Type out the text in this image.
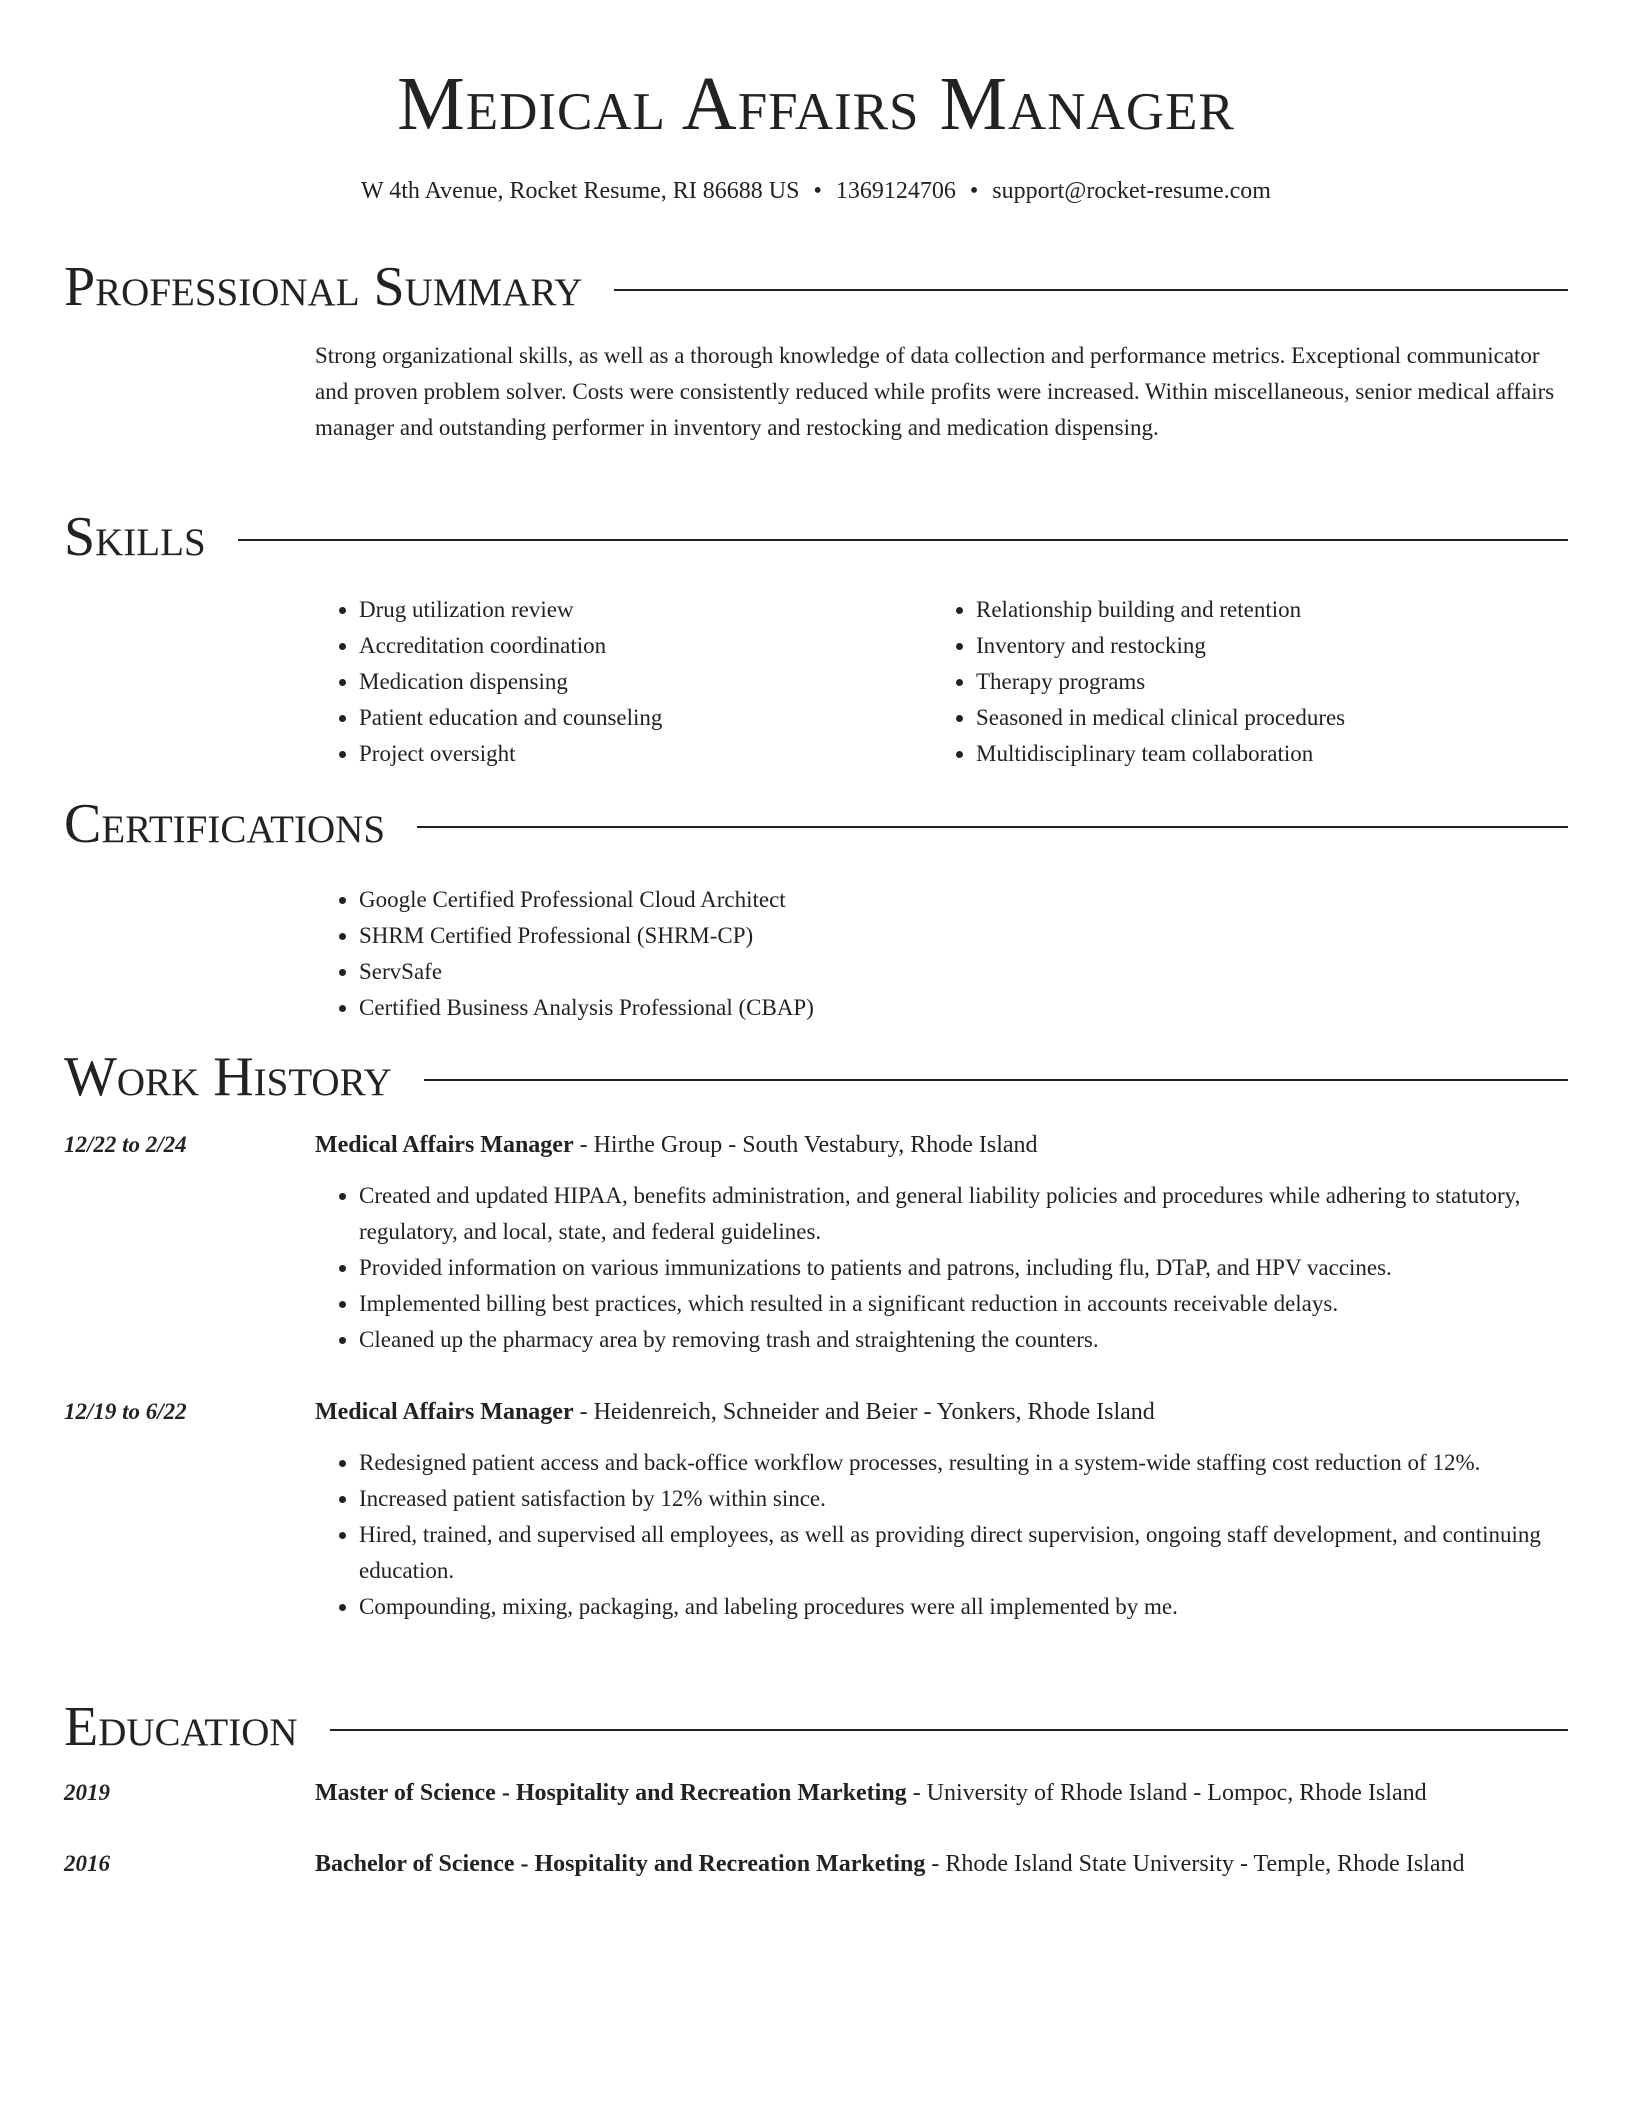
Medical Affairs Manager
W 4th Avenue, Rocket Resume, RI 86688 US • 1369124706 • support@rocket-resume.com
Professional Summary

Strong organizational skills, as well as a thorough knowledge of data collection and performance metrics. Exceptional communicator and proven problem solver. Costs were consistently reduced while profits were increased. Within miscellaneous, senior medical affairs manager and outstanding performer in inventory and restocking and medication dispensing.

Skills
• Drug utilization review
• Accreditation coordination
• Medication dispensing
• Patient education and counseling
• Project oversight
• Relationship building and retention
• Inventory and restocking
• Therapy programs
• Seasoned in medical clinical procedures
• Multidisciplinary team collaboration
Certifications
• Google Certified Professional Cloud Architect
• SHRM Certified Professional (SHRM-CP)
• ServSafe
• Certified Business Analysis Professional (CBAP)
Work History
12/22 to 2/24	Medical Affairs Manager - Hirthe Group - South Vestabury, Rhode Island
• Created and updated HIPAA, benefits administration, and general liability policies and procedures while adhering to statutory, regulatory, and local, state, and federal guidelines.
• Provided information on various immunizations to patients and patrons, including flu, DTaP, and HPV vaccines.
• Implemented billing best practices, which resulted in a significant reduction in accounts receivable delays.
• Cleaned up the pharmacy area by removing trash and straightening the counters.
12/19 to 6/22	Medical Affairs Manager - Heidenreich, Schneider and Beier - Yonkers, Rhode Island
• Redesigned patient access and back-office workflow processes, resulting in a system-wide staffing cost reduction of 12%.
• Increased patient satisfaction by 12% within since.
• Hired, trained, and supervised all employees, as well as providing direct supervision, ongoing staff development, and continuing education.
• Compounding, mixing, packaging, and labeling procedures were all implemented by me.
Education
2019	Master of Science - Hospitality and Recreation Marketing - University of Rhode Island - Lompoc, Rhode Island
2016	Bachelor of Science - Hospitality and Recreation Marketing - Rhode Island State University - Temple, Rhode Island
